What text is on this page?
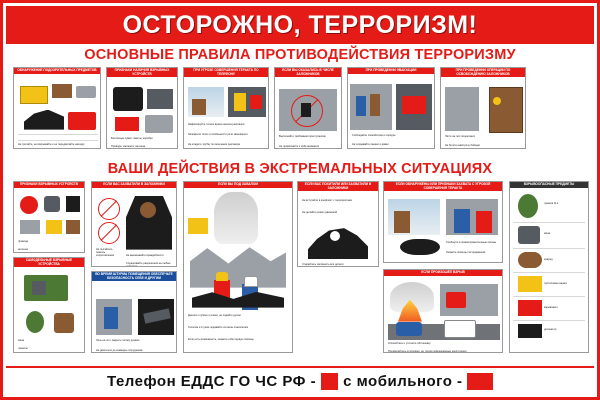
ОСТОРОЖНО, ТЕРРОРИЗМ!
ОСНОВНЫЕ ПРАВИЛА ПРОТИВОДЕЙСТВИЯ ТЕРРОРИЗМУ
ОБНАРУЖЕНИЕ ПОДОЗРИТЕЛЬНЫХ ПРЕДМЕТОВ
Не трогайте, не вскрывайте и не передвигайте находку
ПРИЗНАКИ НАЛИЧИЯ ВЗРЫВНЫХ УСТРОЙСТВ
Бесхозные сумки, пакеты, коробки
Провода, изолента, антенна
ПРИ УГРОЗЕ СОВЕРШЕНИЯ ТЕРАКТА ПО ТЕЛЕФОНУ
Зафиксируйте точное время начала разговора
Запомните голос и особенности речи звонившего
Не кладите трубку по окончании разговора
ЕСЛИ ВЫ ОКАЗАЛИСЬ В ЧИСЛЕ ЗАЛОЖНИКОВ
Выполняйте требования преступников
Не привлекайте к себе внимания
ПРИ ПРОВЕДЕНИИ ЭВАКУАЦИИ
Соблюдайте спокойствие и порядок
Не создавайте паники и давки
ПРИ ПРОВЕДЕНИИ ОПЕРАЦИИ ПО ОСВОБОЖДЕНИЮ ЗАЛОЖНИКОВ
Лягте на пол лицом вниз
Не бегите навстречу бойцам
ВАШИ ДЕЙСТВИЯ В ЭКСТРЕМАЛЬНЫХ СИТУАЦИЯХ
ПРИЗНАКИ ВЗРЫВНЫХ УСТРОЙСТВ
провода
антенна
САМОДЕЛЬНЫЕ ВЗРЫВНЫЕ УСТРОЙСТВА
мина
гранаты
ЕСЛИ ВАС ЗАХВАТИЛИ В ЗАЛОЖНИКИ
Не пытайтесь оказать сопротивление	Не выказывайте враждебности
Спрашивайте разрешения на любые действия
ВО ВРЕМЯ ШТУРМА ПОМЕЩЕНИЯ ОБЕСПЕЧЬТЕ БЕЗОПАСНОСТЬ СЕБЕ И ДРУГИМ
Лечь на пол, закрыть голову руками
Не двигаться до команды сотрудников
ЕСЛИ ВЫ ПОД ЗАВАЛОМ
Дышите глубоко и ровно, не падайте духом
Голосом и стуком подавайте сигналы спасателям
Если есть возможность, окажите себе первую помощь
ЕСЛИ ВАС ПОХИТИЛИ ИЛИ ЗАХВАТИЛИ В ЗАЛОЖНИКИ
Не вступайте в конфликт с террористами
Не делайте резких движений
Старайтесь запомнить все детали
ЕСЛИ ОБНАРУЖЕНЫ ИЛИ ПРИЗНАКИ ЗАХВАТА С УГРОЗОЙ СОВЕРШЕНИЯ ТЕРАКТА
Сообщите в правоохранительные органы
Окажите помощь пострадавшим
ЕСЛИ ПРОИЗОШЁЛ ВЗРЫВ
Успокойтесь и уточните обстановку
Продвигайтесь осторожно, не трогая повреждённые конструкции
ВЗРЫВООПАСНЫЕ ПРЕДМЕТЫ
граната Ф-1
мина
снаряд
тротиловая шашка
взрывпакет
детонатор
Телефон ЕДДС ГО ЧС РФ - 01 с мобильного - 112
